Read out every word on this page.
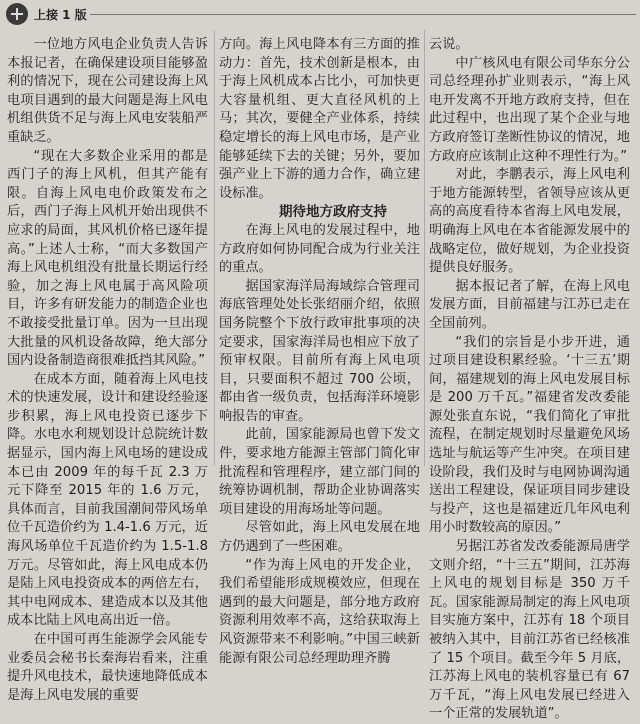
上接 1 版

一位地方风电企业负责人告诉本报记者，在确保建设项目能够盈利的情况下，现在公司建设海上风电项目遇到的最大问题是海上风电机组供货不足与海上风电安装船严重缺乏。

“现在大多数企业采用的都是西门子的海上风机，但其产能有限。自海上风电电价政策发布之后，西门子海上风机开始出现供不应求的局面，其风机价格已逐年提高。”上述人士称，“而大多数国产海上风电机组没有批量长期运行经验，加之海上风电属于高风险项目，许多有研发能力的制造企业也不敢接受批量订单。因为一旦出现大批量的风机设备故障，绝大部分国内设备制造商很难抵挡其风险。”

在成本方面，随着海上风电技术的快速发展，设计和建设经验逐步积累，海上风电投资已逐步下降。水电水利规划设计总院统计数据显示，国内海上风电场的建设成本已由 2009 年的每千瓦 2.3 万元下降至 2015 年的 1.6 万元，具体而言，目前我国潮间带风场单位千瓦造价约为 1.4-1.6 万元，近海风场单位千瓦造价约为 1.5-1.8 万元。尽管如此，海上风电成本仍是陆上风电投资成本的两倍左右，其中电网成本、建造成本以及其他成本比陆上风电高出近一倍。

在中国可再生能源学会风能专业委员会秘书长秦海岩看来，注重提升风电技术，最快速地降低成本是海上风电发展的重要

方向。海上风电降本有三方面的推动力：首先，技术创新是根本，由于海上风机成本占比小，可加快更大容量机组、更大直径风机的上马；其次，要健全产业体系，持续稳定增长的海上风电市场，是产业能够延续下去的关键；另外，要加强产业上下游的通力合作，确立建设标准。

期待地方政府支持

在海上风电的发展过程中，地方政府如何协同配合成为行业关注的重点。

据国家海洋局海域综合管理司海底管理处处长张绍丽介绍，依照国务院整个下放行政审批事项的决定要求，国家海洋局也相应下放了预审权限。目前所有海上风电项目，只要面积不超过 700 公顷，都由省一级负责，包括海洋环境影响报告的审查。

此前，国家能源局也曾下发文件，要求地方能源主管部门简化审批流程和管理程序，建立部门间的统筹协调机制，帮助企业协调落实项目建设的用海场址等问题。

尽管如此，海上风电发展在地方仍遇到了一些困难。

“作为海上风电的开发企业，我们希望能形成规模效应，但现在遇到的最大问题是，部分地方政府资源利用效率不高，这给获取海上风资源带来不利影响。”中国三峡新能源有限公司总经理助理齐腾

云说。

中广核风电有限公司华东分公司总经理孙扩业则表示，“海上风电开发离不开地方政府支持，但在此过程中，也出现了某个企业与地方政府签订垄断性协议的情况，地方政府应该制止这种不理性行为。”

对此，李鹏表示，海上风电利于地方能源转型，省领导应该从更高的高度看待本省海上风电发展，明确海上风电在本省能源发展中的战略定位，做好规划，为企业投资提供良好服务。

据本报记者了解，在海上风电发展方面，目前福建与江苏已走在全国前列。

“我们的宗旨是小步开进，通过项目建设积累经验。‘十三五’期间，福建规划的海上风电发展目标是 200 万千瓦。”福建省发改委能源处张直东说，“我们简化了审批流程，在制定规划时尽量避免风场选址与航运等产生冲突。在项目建设阶段，我们及时与电网协调沟通送出工程建设，保证项目同步建设与投产，这也是福建近几年风电利用小时数较高的原因。”

另据江苏省发改委能源局唐学文则介绍，“十三五”期间，江苏海上风电的规划目标是 350 万千瓦。国家能源局制定的海上风电项目实施方案中，江苏有 18 个项目被纳入其中，目前江苏省已经核准了 15 个项目。截至今年 5 月底，江苏海上风电的装机容量已有 67 万千瓦，“海上风电发展已经进入一个正常的发展轨道”。
